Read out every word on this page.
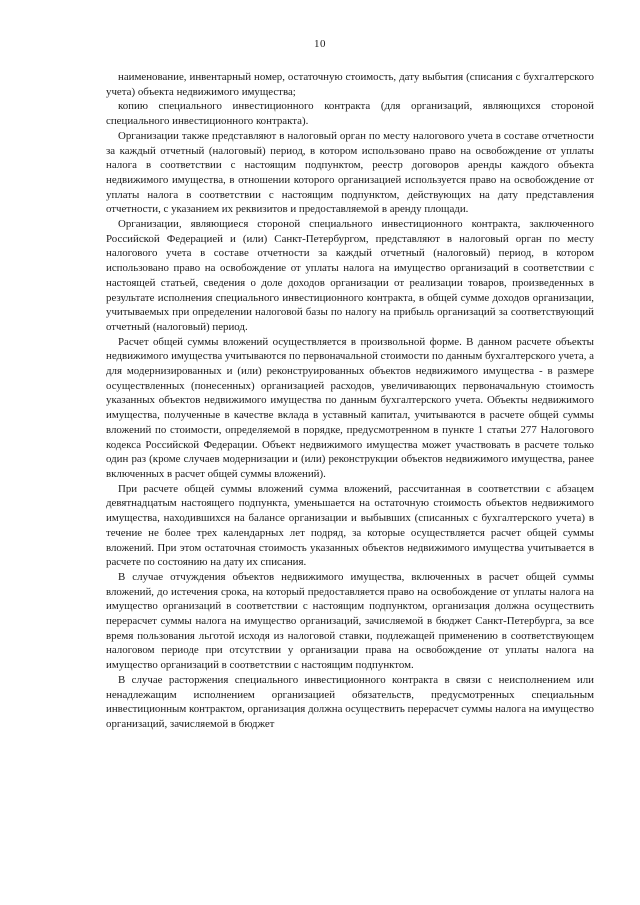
10

наименование, инвентарный номер, остаточную стоимость, дату выбытия (списания с бухгалтерского учета) объекта недвижимого имущества;

копию специального инвестиционного контракта (для организаций, являющихся стороной специального инвестиционного контракта).

Организации также представляют в налоговый орган по месту налогового учета в составе отчетности за каждый отчетный (налоговый) период, в котором использовано право на освобождение от уплаты налога в соответствии с настоящим подпунктом, реестр договоров аренды каждого объекта недвижимого имущества, в отношении которого организацией используется право на освобождение от уплаты налога в соответствии с настоящим подпунктом, действующих на дату представления отчетности, с указанием их реквизитов и предоставляемой в аренду площади.

Организации, являющиеся стороной специального инвестиционного контракта, заключенного Российской Федерацией и (или) Санкт-Петербургом, представляют в налоговый орган по месту налогового учета в составе отчетности за каждый отчетный (налоговый) период, в котором использовано право на освобождение от уплаты налога на имущество организаций в соответствии с настоящей статьей, сведения о доле доходов организации от реализации товаров, произведенных в результате исполнения специального инвестиционного контракта, в общей сумме доходов организации, учитываемых при определении налоговой базы по налогу на прибыль организаций за соответствующий отчетный (налоговый) период.

Расчет общей суммы вложений осуществляется в произвольной форме. В данном расчете объекты недвижимого имущества учитываются по первоначальной стоимости по данным бухгалтерского учета, а для модернизированных и (или) реконструированных объектов недвижимого имущества - в размере осуществленных (понесенных) организацией расходов, увеличивающих первоначальную стоимость указанных объектов недвижимого имущества по данным бухгалтерского учета. Объекты недвижимого имущества, полученные в качестве вклада в уставный капитал, учитываются в расчете общей суммы вложений по стоимости, определяемой в порядке, предусмотренном в пункте 1 статьи 277 Налогового кодекса Российской Федерации. Объект недвижимого имущества может участвовать в расчете только один раз (кроме случаев модернизации и (или) реконструкции объектов недвижимого имущества, ранее включенных в расчет общей суммы вложений).

При расчете общей суммы вложений сумма вложений, рассчитанная в соответствии с абзацем девятнадцатым настоящего подпункта, уменьшается на остаточную стоимость объектов недвижимого имущества, находившихся на балансе организации и выбывших (списанных с бухгалтерского учета) в течение не более трех календарных лет подряд, за которые осуществляется расчет общей суммы вложений. При этом остаточная стоимость указанных объектов недвижимого имущества учитывается в расчете по состоянию на дату их списания.

В случае отчуждения объектов недвижимого имущества, включенных в расчет общей суммы вложений, до истечения срока, на который предоставляется право на освобождение от уплаты налога на имущество организаций в соответствии с настоящим подпунктом, организация должна осуществить перерасчет суммы налога на имущество организаций, зачисляемой в бюджет Санкт-Петербурга, за все время пользования льготой исходя из налоговой ставки, подлежащей применению в соответствующем налоговом периоде при отсутствии у организации права на освобождение от уплаты налога на имущество организаций в соответствии с настоящим подпунктом.

В случае расторжения специального инвестиционного контракта в связи с неисполнением или ненадлежащим исполнением организацией обязательств, предусмотренных специальным инвестиционным контрактом, организация должна осуществить перерасчет суммы налога на имущество организаций, зачисляемой в бюджет
